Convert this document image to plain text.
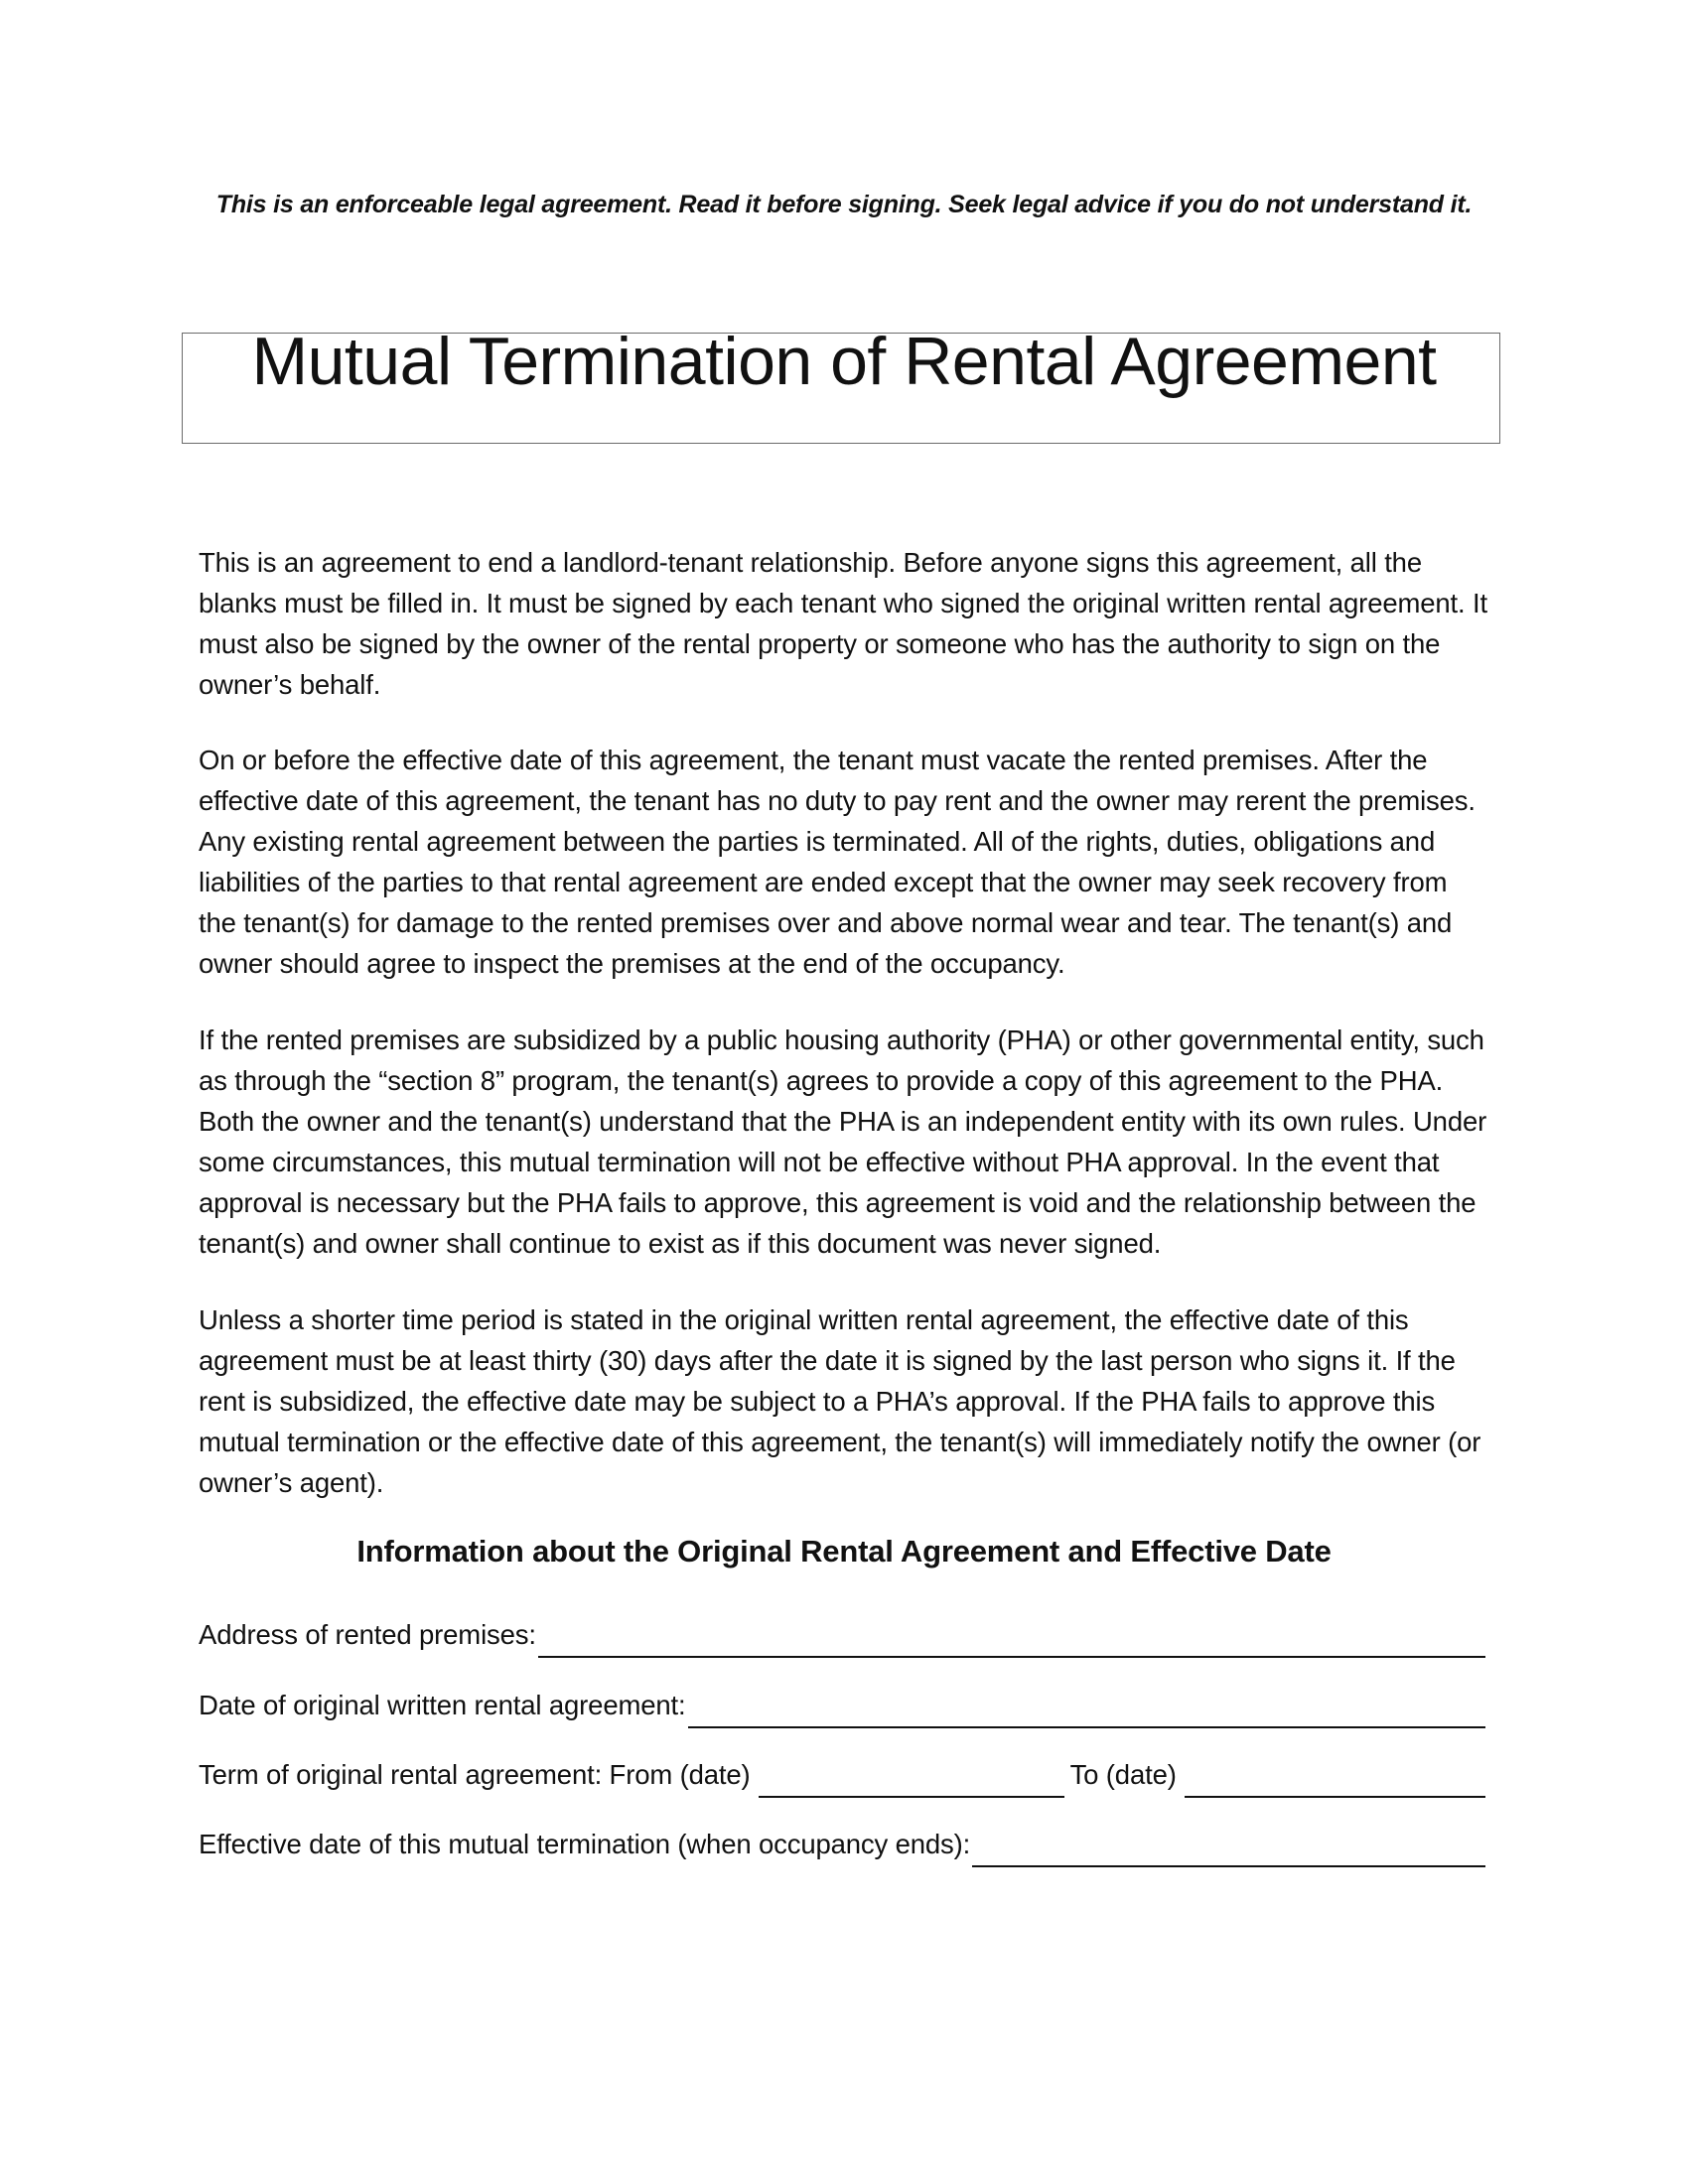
This is an enforceable legal agreement. Read it before signing. Seek legal advice if you do not understand it.
Mutual Termination of Rental Agreement

This is an agreement to end a landlord-tenant relationship. Before anyone signs this agreement, all the blanks must be filled in. It must be signed by each tenant who signed the original written rental agreement. It must also be signed by the owner of the rental property or someone who has the authority to sign on the owner’s behalf.

On or before the effective date of this agreement, the tenant must vacate the rented premises. After the effective date of this agreement, the tenant has no duty to pay rent and the owner may rerent the premises. Any existing rental agreement between the parties is terminated. All of the rights, duties, obligations and liabilities of the parties to that rental agreement are ended except that the owner may seek recovery from the tenant(s) for damage to the rented premises over and above normal wear and tear. The tenant(s) and owner should agree to inspect the premises at the end of the occupancy.

If the rented premises are subsidized by a public housing authority (PHA) or other governmental entity, such as through the “section 8” program, the tenant(s) agrees to provide a copy of this agreement to the PHA. Both the owner and the tenant(s) understand that the PHA is an independent entity with its own rules. Under some circumstances, this mutual termination will not be effective without PHA approval. In the event that approval is necessary but the PHA fails to approve, this agreement is void and the relationship between the tenant(s) and owner shall continue to exist as if this document was never signed.

Unless a shorter time period is stated in the original written rental agreement, the effective date of this agreement must be at least thirty (30) days after the date it is signed by the last person who signs it. If the rent is subsidized, the effective date may be subject to a PHA’s approval. If the PHA fails to approve this mutual termination or the effective date of this agreement, the tenant(s) will immediately notify the owner (or owner’s agent).

Information about the Original Rental Agreement and Effective Date
Address of rented premises:
Date of original written rental agreement:
Term of original rental agreement: From (date)	To (date)
Effective date of this mutual termination (when occupancy ends):
